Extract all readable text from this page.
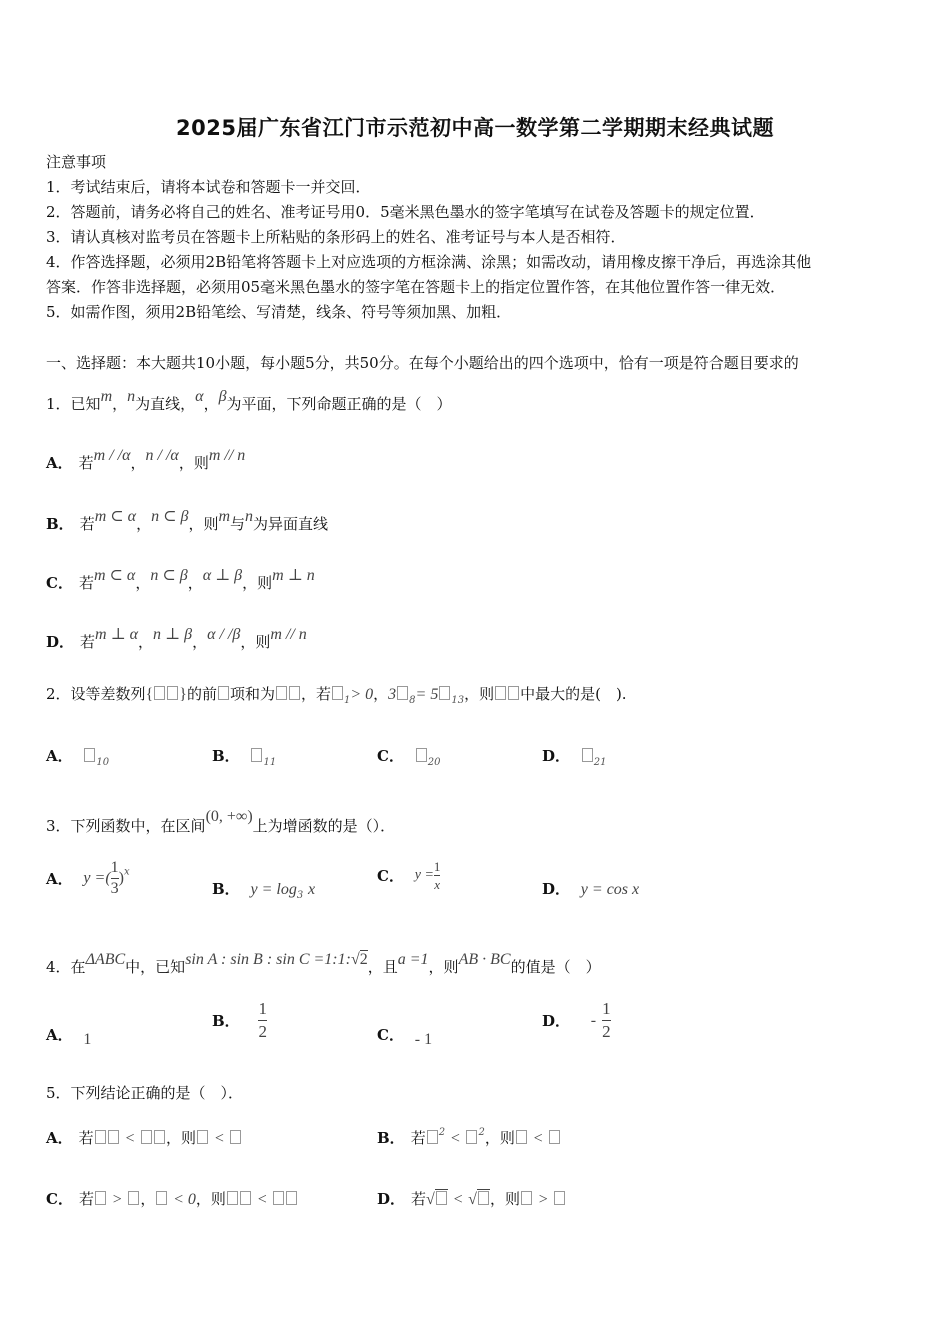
2025届广东省江门市示范初中高一数学第二学期期末经典试题
注意事项
1．考试结束后，请将本试卷和答题卡一并交回．
2．答题前，请务必将自己的姓名、准考证号用0．5毫米黑色墨水的签字笔填写在试卷及答题卡的规定位置．
3．请认真核对监考员在答题卡上所粘贴的条形码上的姓名、准考证号与本人是否相符．
4．作答选择题，必须用2B铅笔将答题卡上对应选项的方框涂满、涂黑；如需改动，请用橡皮擦干净后，再选涂其他
答案．作答非选择题，必须用05毫米黑色墨水的签字笔在答题卡上的指定位置作答，在其他位置作答一律无效．
5．如需作图，须用2B铅笔绘、写清楚，线条、符号等须加黑、加粗．
一、选择题：本大题共10小题，每小题5分，共50分。在每个小题给出的四个选项中，恰有一项是符合题目要求的
1．已知m，n为直线，α，β为平面，下列命题正确的是（　）
A． 若m / /α，n / /α，则m // n
B． 若m ⊂ α，n ⊂ β，则m与n为异面直线
C． 若m ⊂ α，n ⊂ β，α ⊥ β，则m ⊥ n
D． 若m ⊥ α，n ⊥ β，α / /β，则m // n
2．设等差数列{ }的前 项和为 ，若 $_1$> 0，3 $_8$= 5 $_{13}$，则 中最大的是(　).
A． $_{10}$	B． $_{11}$	C． $_{20}$	D． $_{21}$
3．下列函数中，在区间(0, +∞)上为增函数的是（）．
A． y =( $\frac{1}{3} )^x$
B． $y = \log_3 x$
C． $y = \frac{1}{x}$	D． y = cos x
4．在ΔABC中，已知sin A : sin B : sin C =1:1:√2，且a =1，则AB · BC的值是（　）
A． 1
B． $\frac{1}{2}$	C． - 1
D． - $\frac{1}{2}$
5．下列结论正确的是（　）．
A． 若 < ，则 <	B． 若 $^2$ < $^2$，则 <
C． 若 > ， < 0，则 <	D． 若√ < √ ，则 >
